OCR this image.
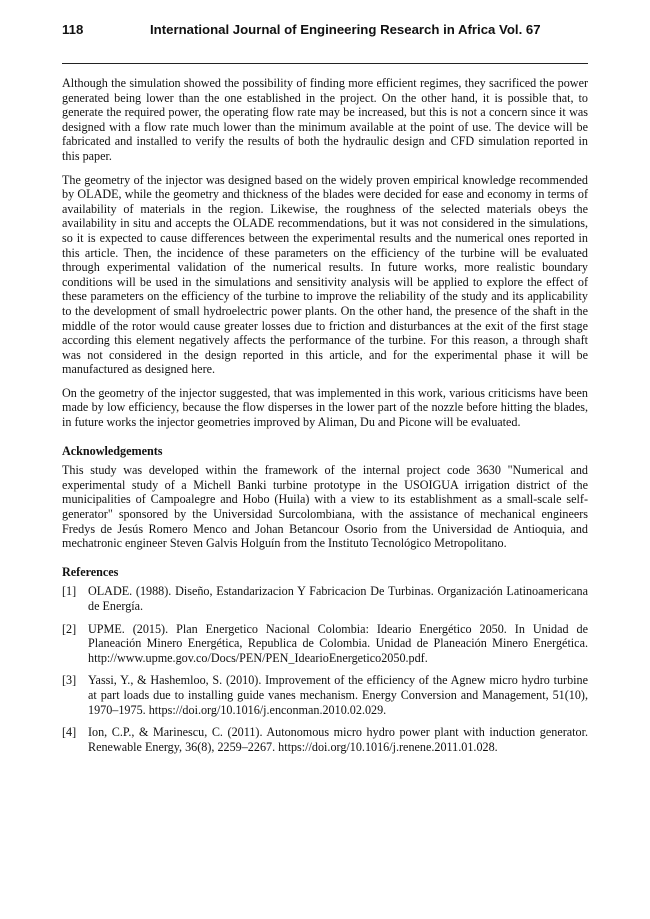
118	International Journal of Engineering Research in Africa Vol. 67

Although the simulation showed the possibility of finding more efficient regimes, they sacrificed the power generated being lower than the one established in the project. On the other hand, it is possible that, to generate the required power, the operating flow rate may be increased, but this is not a concern since it was designed with a flow rate much lower than the minimum available at the point of use. The device will be fabricated and installed to verify the results of both the hydraulic design and CFD simulation reported in this paper.

The geometry of the injector was designed based on the widely proven empirical knowledge recommended by OLADE, while the geometry and thickness of the blades were decided for ease and economy in terms of availability of materials in the region. Likewise, the roughness of the selected materials obeys the availability in situ and accepts the OLADE recommendations, but it was not considered in the simulations, so it is expected to cause differences between the experimental results and the numerical ones reported in this article. Then, the incidence of these parameters on the efficiency of the turbine will be evaluated through experimental validation of the numerical results. In future works, more realistic boundary conditions will be used in the simulations and sensitivity analysis will be applied to explore the effect of these parameters on the efficiency of the turbine to improve the reliability of the study and its applicability to the development of small hydroelectric power plants. On the other hand, the presence of the shaft in the middle of the rotor would cause greater losses due to friction and disturbances at the exit of the first stage according this element negatively affects the performance of the turbine. For this reason, a through shaft was not considered in the design reported in this article, and for the experimental phase it will be manufactured as designed here.

On the geometry of the injector suggested, that was implemented in this work, various criticisms have been made by low efficiency, because the flow disperses in the lower part of the nozzle before hitting the blades, in future works the injector geometries improved by Aliman, Du and Picone will be evaluated.

Acknowledgements

This study was developed within the framework of the internal project code 3630 "Numerical and experimental study of a Michell Banki turbine prototype in the USOIGUA irrigation district of the municipalities of Campoalegre and Hobo (Huila) with a view to its establishment as a small-scale self-generator" sponsored by the Universidad Surcolombiana, with the assistance of mechanical engineers Fredys de Jesús Romero Menco and Johan Betancour Osorio from the Universidad de Antioquia, and mechatronic engineer Steven Galvis Holguín from the Instituto Tecnológico Metropolitano.

References
[1] OLADE. (1988). Diseño, Estandarizacion Y Fabricacion De Turbinas. Organización Latinoamericana de Energía.
[2] UPME. (2015). Plan Energetico Nacional Colombia: Ideario Energético 2050. In Unidad de Planeación Minero Energética, Republica de Colombia. Unidad de Planeación Minero Energética. http://www.upme.gov.co/Docs/PEN/PEN_IdearioEnergetico2050.pdf.
[3] Yassi, Y., & Hashemloo, S. (2010). Improvement of the efficiency of the Agnew micro hydro turbine at part loads due to installing guide vanes mechanism. Energy Conversion and Management, 51(10), 1970–1975. https://doi.org/10.1016/j.enconman.2010.02.029.
[4] Ion, C.P., & Marinescu, C. (2011). Autonomous micro hydro power plant with induction generator. Renewable Energy, 36(8), 2259–2267. https://doi.org/10.1016/j.renene.2011.01.028.
